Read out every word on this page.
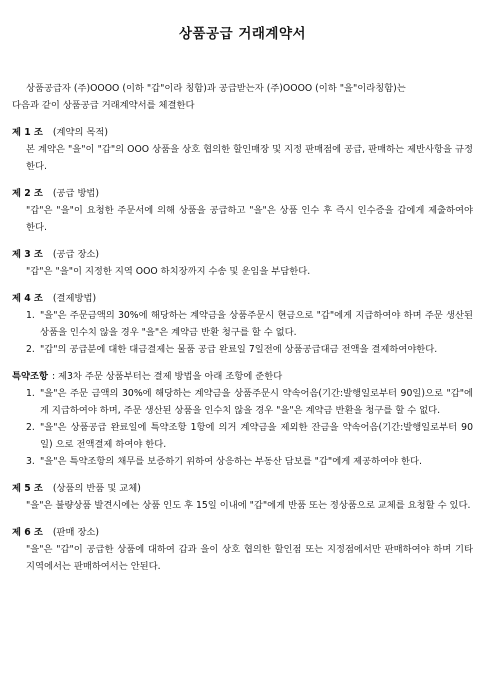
상품공급 거래계약서
상품공급자 (주)OOOO (이하 "갑"이라 칭함)과 공급받는자 (주)OOOO (이하 "을"이라칭함)는
다음과 같이 상품공급 거래계약서를 체결한다
제 1 조 (계약의 목적)
본 계약은 "을"이 "갑"의 OOO 상품을 상호 협의한 할인매장 및 지정 판매점에 공급, 판매하는 제반사항을 규정한다.
제 2 조 (공급 방법)
"갑"은 "을"이 요청한 주문서에 의해 상품을 공급하고 "을"은 상품 인수 후 즉시 인수증을 갑에게 제출하여야 한다.
제 3 조 (공급 장소)
"갑"은 "을"이 지정한 지역 OOO 하치장까지 수송 및 운임을 부담한다.
제 4 조 (결제방법)
1. "을"은 주문금액의 30%에 해당하는 계약금을 상품주문시 현금으로 "갑"에게 지급하여야 하며 주문 생산된 상품을 인수치 않을 경우 "을"은 계약금 반환 청구를 할 수 없다.
2. "갑"의 공급분에 대한 대금결제는 물품 공급 완료일 7일전에 상품공급대금 전액을 결제하여야한다.
특약조항 : 제3차 주문 상품부터는 결제 방법을 아래 조항에 준한다
1. "을"은 주문 금액의 30%에 해당하는 계약금을 상품주문시 약속어음(기간:발행일로부터 90일)으로 "갑"에게 지급하여야 하며, 주문 생산된 상품을 인수치 않을 경우 "을"은 계약금 반환을 청구를 할 수 없다.
2. "을"은 상품공급 완료일에 특약조항 1항에 의거 계약금을 제외한 잔금을 약속어음(기간:발행일로부터 90일) 으로 전액결제 하여야 한다.
3. "을"은 특약조항의 채무를 보증하기 위하여 상응하는 부동산 담보를 "갑"에게 제공하여야 한다.
제 5 조 (상품의 반품 및 교체)
"을"은 불량상품 발견시에는 상품 인도 후 15일 이내에 "갑"에게 반품 또는 정상품으로 교체를 요청할 수 있다.
제 6 조 (판매 장소)
"을"은 "갑"이 공급한 상품에 대하여 갑과 을이 상호 협의한 할인점 또는 지정점에서만 판매하여야 하며 기타 지역에서는 판매하여서는 안된다.
